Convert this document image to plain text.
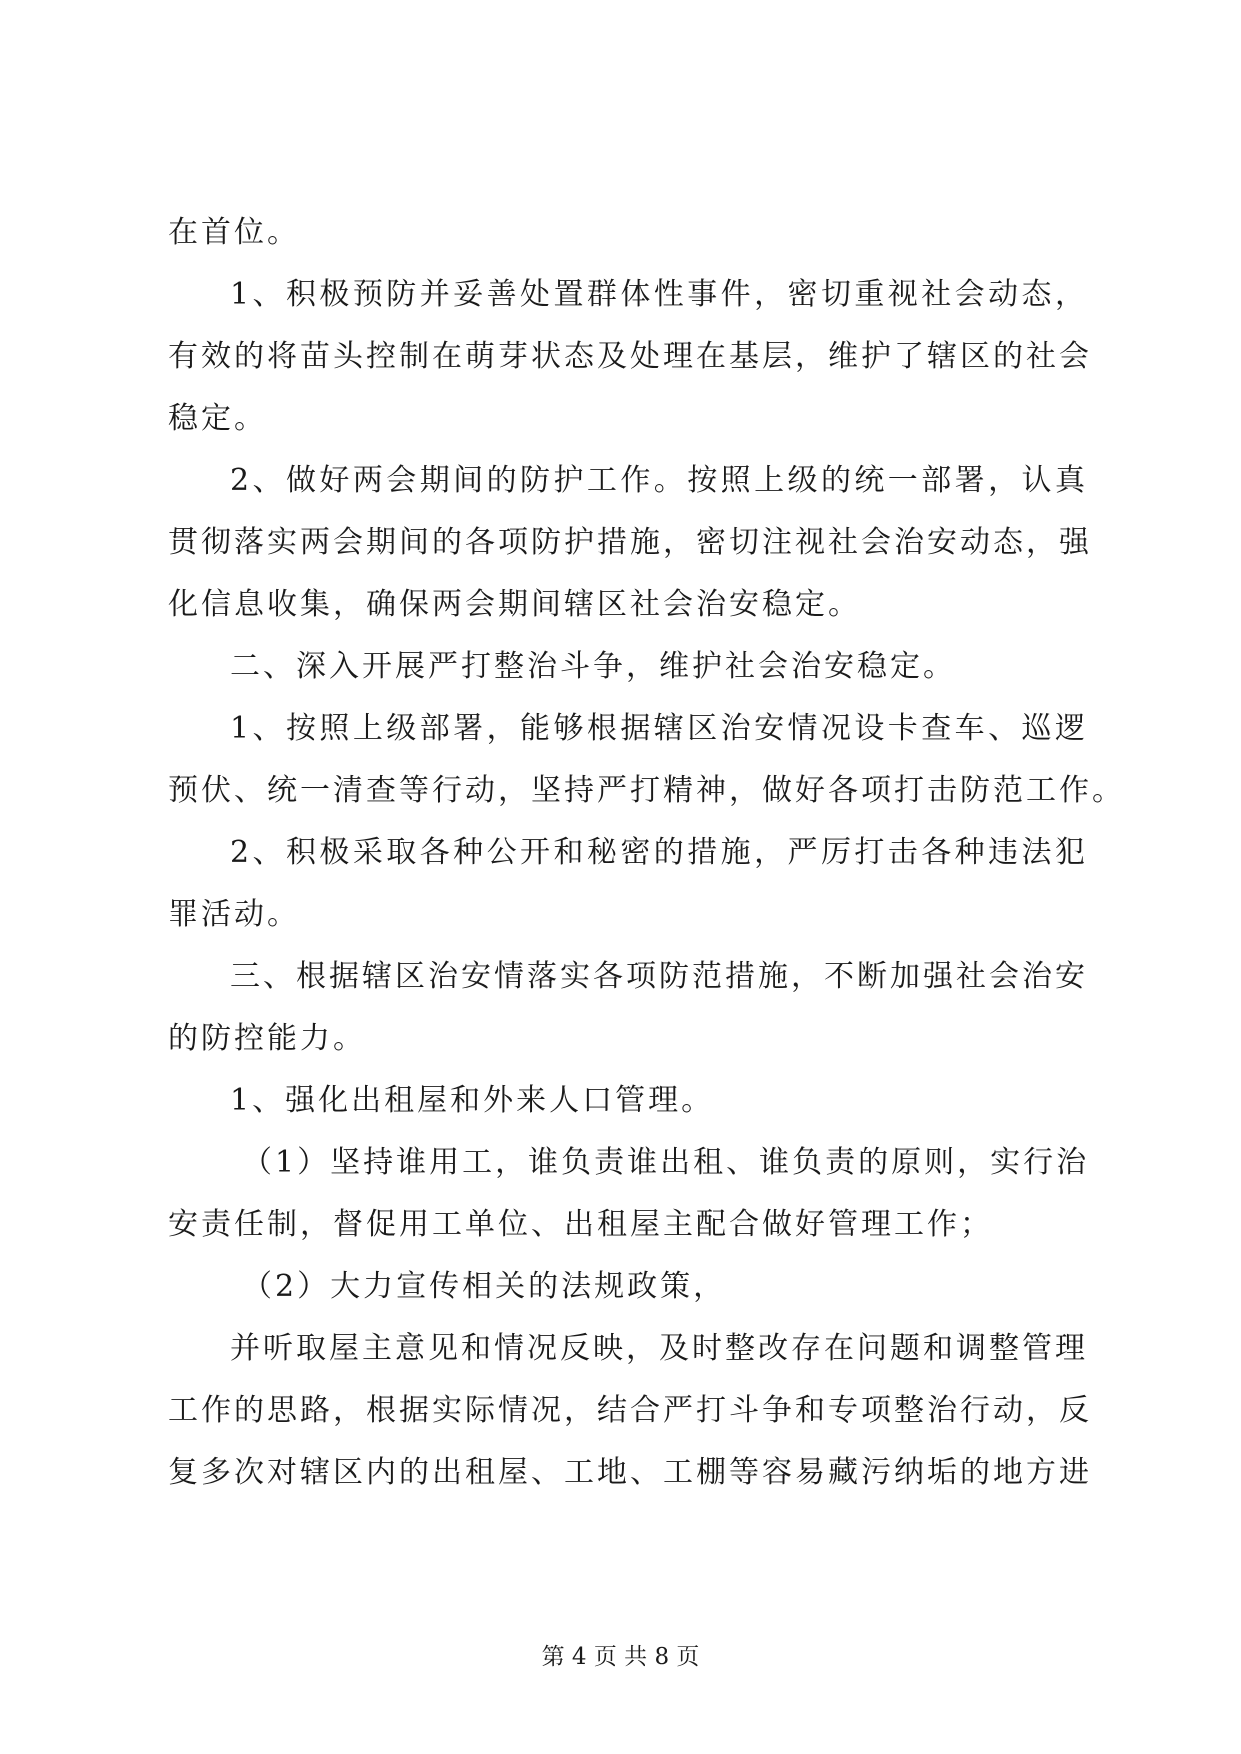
在首位。
1、积极预防并妥善处置群体性事件，密切重视社会动态，
有效的将苗头控制在萌芽状态及处理在基层，维护了辖区的社会
稳定。
2、做好两会期间的防护工作。按照上级的统一部署，认真
贯彻落实两会期间的各项防护措施，密切注视社会治安动态，强
化信息收集，确保两会期间辖区社会治安稳定。
二、深入开展严打整治斗争，维护社会治安稳定。
1、按照上级部署，能够根据辖区治安情况设卡查车、巡逻
预伏、统一清查等行动，坚持严打精神，做好各项打击防范工作。
2、积极采取各种公开和秘密的措施，严厉打击各种违法犯
罪活动。
三、根据辖区治安情落实各项防范措施，不断加强社会治安
的防控能力。
1、强化出租屋和外来人口管理。
（1）坚持谁用工，谁负责谁出租、谁负责的原则，实行治
安责任制，督促用工单位、出租屋主配合做好管理工作；
（2）大力宣传相关的法规政策，
并听取屋主意见和情况反映，及时整改存在问题和调整管理
工作的思路，根据实际情况，结合严打斗争和专项整治行动，反
复多次对辖区内的出租屋、工地、工棚等容易藏污纳垢的地方进
第 4 页 共 8 页
